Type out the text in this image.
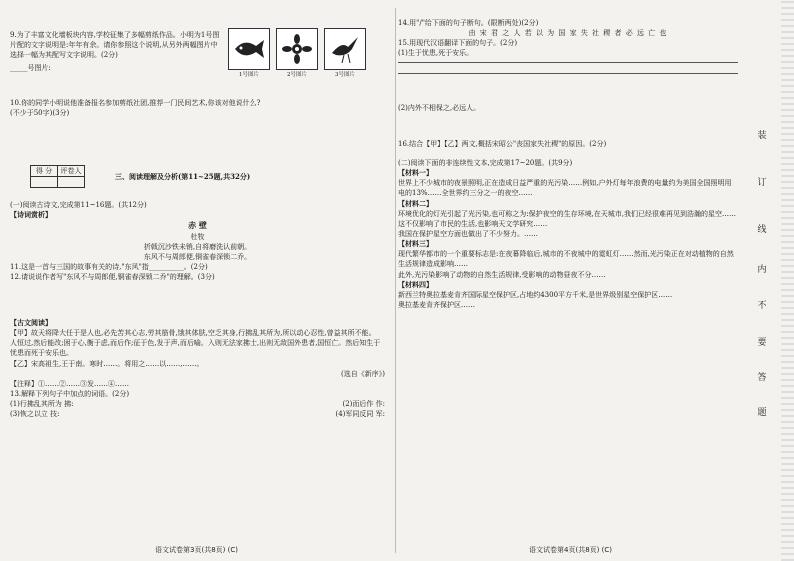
9.为了丰富文化墙板块内容,学校征集了多幅剪纸作品。小明为1号图片配的文字说明是:年年有余。请你参照这个说明,从另外两幅图片中选择一幅为其配写文字说明。(2分)
_____号图片:
1号图片	2号图片	3号图片
10.你的同学小明说他准备报名参加剪纸社团,推荐一门民间艺术,你该对他说什么?
(不少于50字)(3分)
得 分	评卷人

三、阅读理解及分析(第11~25题,共32分)
(一)阅读古诗文,完成第11~16题。(共12分)
【诗词赏析】
赤 壁
杜牧
折戟沉沙铁未销,自将磨洗认前朝。
东风不与周郎便,铜雀春深锁二乔。
11.这是一首与三国的故事有关的诗,"东风"指__________。(2分)
12.请说说作者写"东风不与周郎便,铜雀春深锁二乔"的理解。(3分)
【古文阅读】
【甲】故天将降大任于是人也,必先苦其心志,劳其筋骨,饿其体肤,空乏其身,行拂乱其所为,所以动心忍性,曾益其所不能。
人恒过,然后能改;困于心,衡于虑,而后作;征于色,发于声,而后喻。入则无法家拂士,出则无敌国外患者,国恒亡。然后知生于忧患而死于安乐也。
【乙】宋高祖生,王于南。寒时……。将用之……以……,……。
(选自《新序》)
【注释】①……②……③发……④……
13.解释下列句子中加点的词语。(2分)
(1)行拂乱其所为 拂:	(2)而后作 作:
(3)恢之以立 技:	(4)军同反同 军:
语文试卷第3页(共8页) (C)
14.用"/"给下面的句子断句。(限断两处)(2分)
由 宋 君 之 人 若 以 为 国 家 失 社 稷 者 必 远 亡 也
15.用现代汉语翻译下面的句子。(2分)
(1)生于忧患,死于安乐。
(2)内外不相保之,必远人。
16.结合【甲】【乙】两文,概括宋昭公"丧国家失社稷"的原因。(2分)
(二)阅读下面的非连续性文本,完成第17~20题。(共9分)
【材料一】
世界上不少城市的夜景照明,正在造成日益严重的光污染……例如,户外灯每年浪费的电量约为美国全国照明用电的13%……全世界约三分之一的夜空……
【材料二】
环境优化的灯光引起了光污染,也可称之为:保护夜空的生存环境,在天城市,我们已经很难再见到浩瀚的星空……这不仅影响了市民的生活,也影响天文学研究……
我国在保护星空方面也做出了不少努力。……
【材料三】
现代繁华都市的一个重要标志是:在夜幕降临后,城市的不夜城中的霓虹灯……然而,光污染正在对动植物的自然生活规律造成影响……
此外,光污染影响了动物的自然生活规律,受影响的动物昼夜不分……
【材料四】
新西兰特奥拉基麦肯齐国际星空保护区,占地约4300平方千米,是世界级别星空保护区……
奥拉基麦肯齐保护区……
语文试卷第4页(共8页) (C)
装
订
线
内
不
要
答
题
